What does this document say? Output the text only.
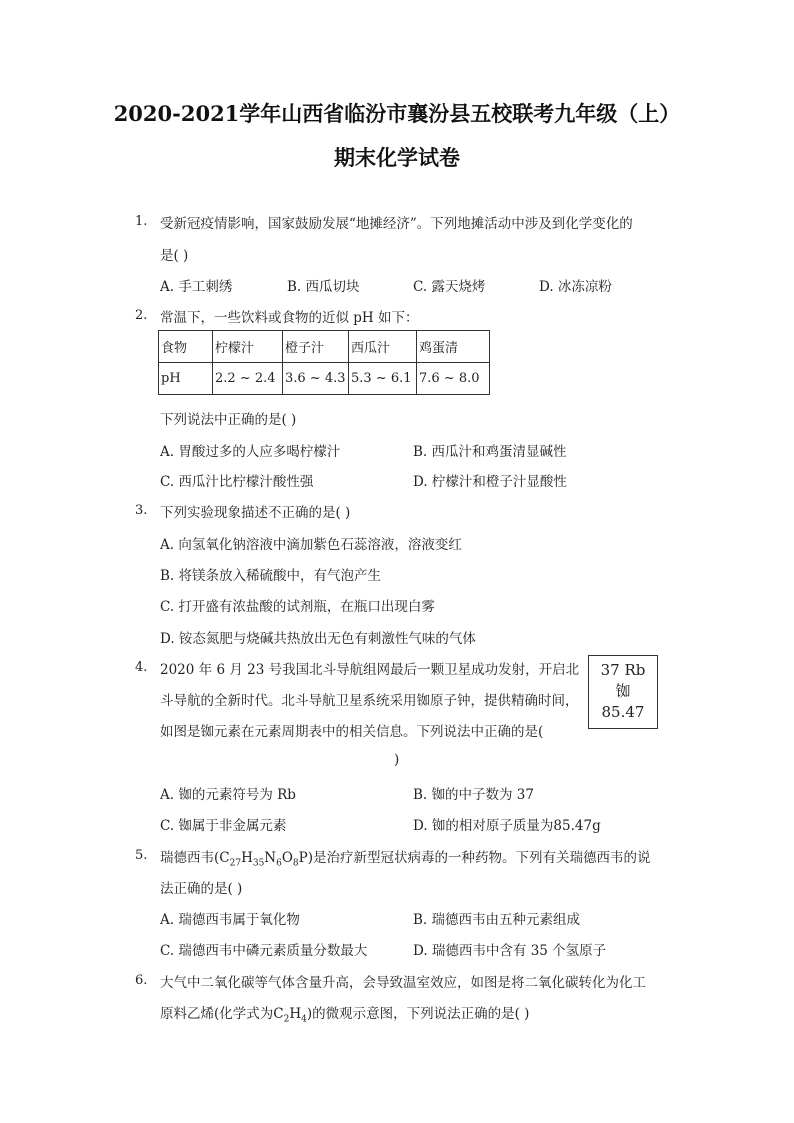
2020-2021学年山西省临汾市襄汾县五校联考九年级（上）
期末化学试卷
1. 受新冠疫情影响，国家鼓励发展“地摊经济”。下列地摊活动中涉及到化学变化的
是( )
A. 手工刺绣	B. 西瓜切块	C. 露天烧烤	D. 冰冻凉粉
2. 常温下，一些饮料或食物的近似 pH 如下：
食物	柠檬汁	橙子汁	西瓜汁	鸡蛋清
pH	2.2 ~ 2.4	3.6 ~ 4.3	5.3 ~ 6.1	7.6 ~ 8.0
下列说法中正确的是( )
A. 胃酸过多的人应多喝柠檬汁	B. 西瓜汁和鸡蛋清显碱性
C. 西瓜汁比柠檬汁酸性强	D. 柠檬汁和橙子汁显酸性
3. 下列实验现象描述不正确的是( )
A. 向氢氧化钠溶液中滴加紫色石蕊溶液，溶液变红
B. 将镁条放入稀硫酸中，有气泡产生
C. 打开盛有浓盐酸的试剂瓶，在瓶口出现白雾
D. 铵态氮肥与烧碱共热放出无色有刺激性气味的气体
4. 2020 年 6 月 23 号我国北斗导航组网最后一颗卫星成功发射，开启北
斗导航的全新时代。北斗导航卫星系统采用铷原子钟，提供精确时间，
如图是铷元素在元素周期表中的相关信息。下列说法中正确的是(
)
37 Rb
铷
85.47
A. 铷的元素符号为 Rb	B. 铷的中子数为 37
C. 铷属于非金属元素	D. 铷的相对原子质量为85.47g
5. 瑞德西韦$(C_{27}H_{35}N_6O_8P)$是治疗新型冠状病毒的一种药物。下列有关瑞德西韦的说
法正确的是( )
A. 瑞德西韦属于氧化物	B. 瑞德西韦由五种元素组成
C. 瑞德西韦中磷元素质量分数最大	D. 瑞德西韦中含有 35 个氢原子
6. 大气中二氧化碳等气体含量升高，会导致温室效应，如图是将二氧化碳转化为化工
原料乙烯(化学式为$C_2H_4$)的微观示意图，下列说法正确的是( )
